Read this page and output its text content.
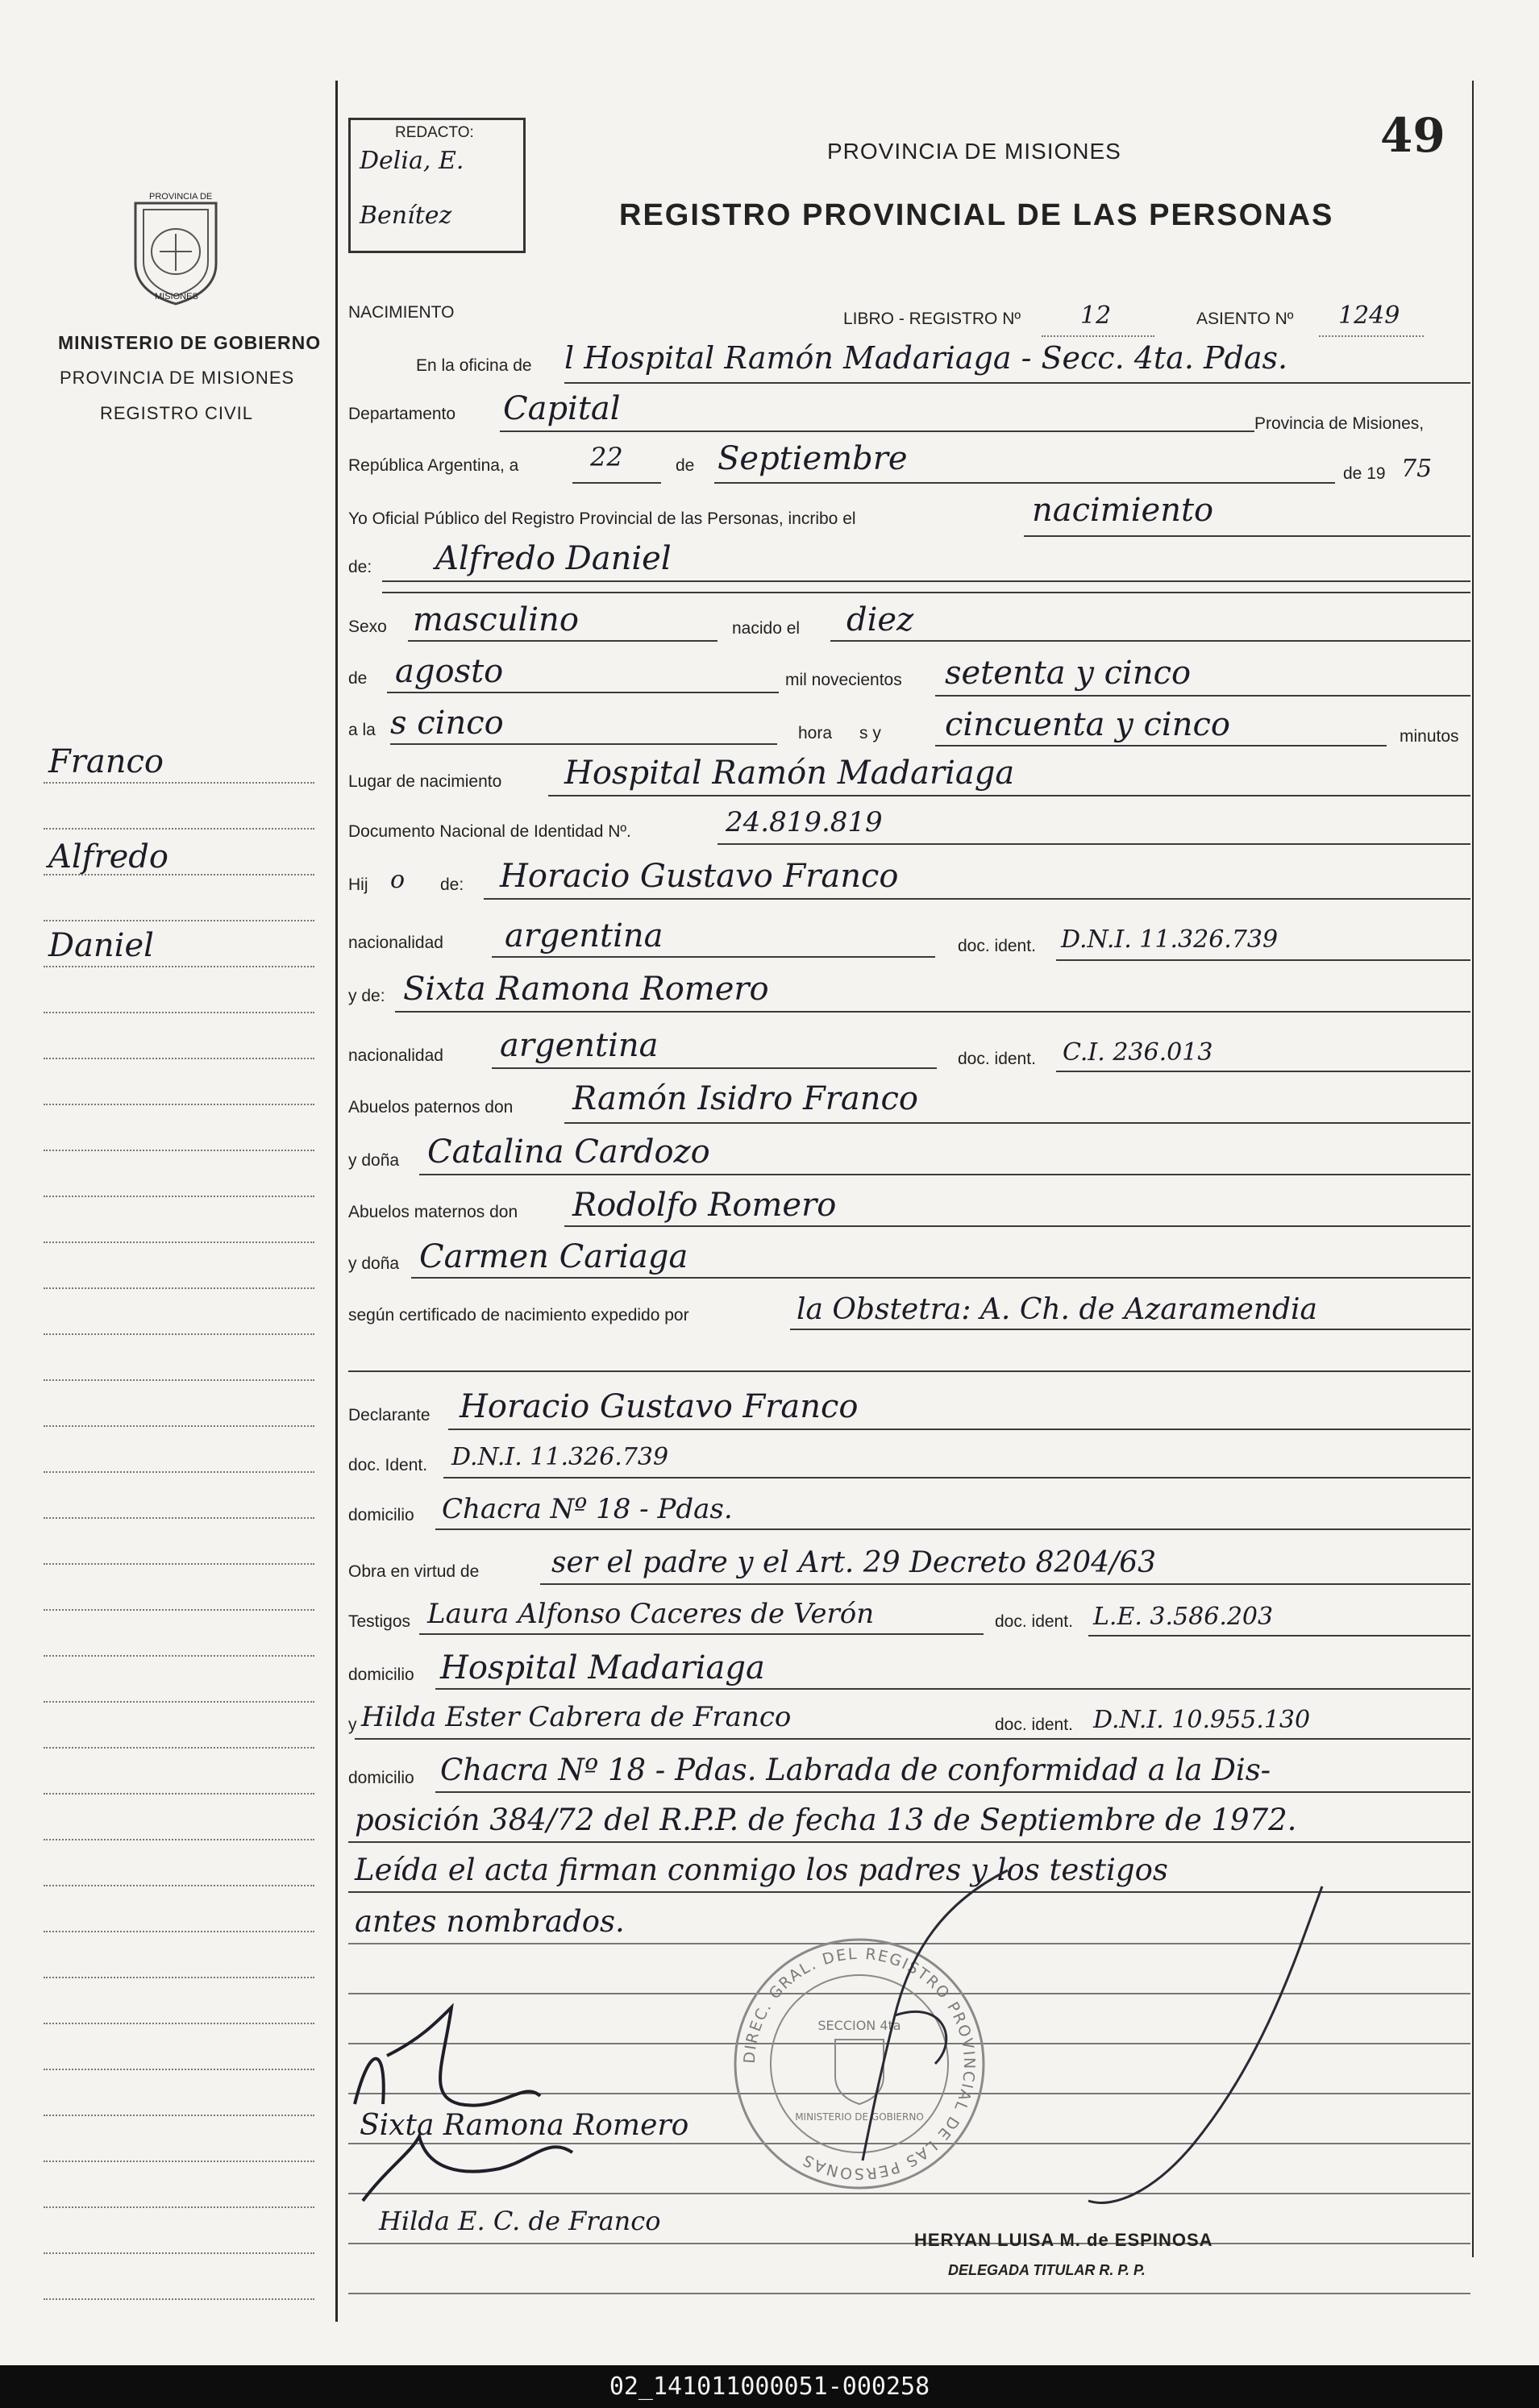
PROVINCIA DE
MISIONES
MINISTERIO DE GOBIERNO
PROVINCIA DE MISIONES
REGISTRO CIVIL
Franco
Alfredo
Daniel
REDACTO:
Delia, E.
Benítez
PROVINCIA DE MISIONES
REGISTRO PROVINCIAL DE LAS PERSONAS
49
NACIMIENTO	LIBRO - REGISTRO Nº 12	ASIENTO Nº 1249
En la oficina de l Hospital Ramón Madariaga - Secc. 4ta. Pdas.
Departamento Capital	Provincia de Misiones,
República Argentina, a	22	de Septiembre	de 19 75
Yo Oficial Público del Registro Provincial de las Personas, incribo el	nacimiento
de: Alfredo Daniel
Sexo masculino	nacido el diez
de agosto	mil novecientos setenta y cinco
a la s cinco	hora s y cincuenta y cinco	minutos
Lugar de nacimiento Hospital Ramón Madariaga
Documento Nacional de Identidad Nº.	24.819.819
Hij o de: Horacio Gustavo Franco
nacionalidad argentina	doc. ident. D.N.I. 11.326.739
y de: Sixta Ramona Romero
nacionalidad argentina	doc. ident. C.I. 236.013
Abuelos paternos don Ramón Isidro Franco
y doña Catalina Cardozo
Abuelos maternos don Rodolfo Romero
y doña Carmen Cariaga
según certificado de nacimiento expedido por	la Obstetra: A. Ch. de Azaramendia
Declarante Horacio Gustavo Franco
doc. Ident. D.N.I. 11.326.739
domicilio Chacra Nº 18 - Pdas.
Obra en virtud de ser el padre y el Art. 29 Decreto 8204/63
Testigos Laura Alfonso Caceres de Verón	doc. ident. L.E. 3.586.203
domicilio Hospital Madariaga
y Hilda Ester Cabrera de Franco	doc. ident. D.N.I. 10.955.130
domicilio Chacra Nº 18 - Pdas. Labrada de conformidad a la Dis-
posición 384/72 del R.P.P. de fecha 13 de Septiembre de 1972.
Leída el acta firman conmigo los padres y los testigos
antes nombrados.
DIREC. GRAL. DEL REGISTRO PROVINCIAL DE LAS PERSONAS
SECCION 4ta
MINISTERIO DE GOBIERNO
Sixta Ramona Romero
Hilda E. C. de Franco
HERYAN LUISA M. de ESPINOSA
DELEGADA TITULAR R. P. P.
02_141011000051-000258
